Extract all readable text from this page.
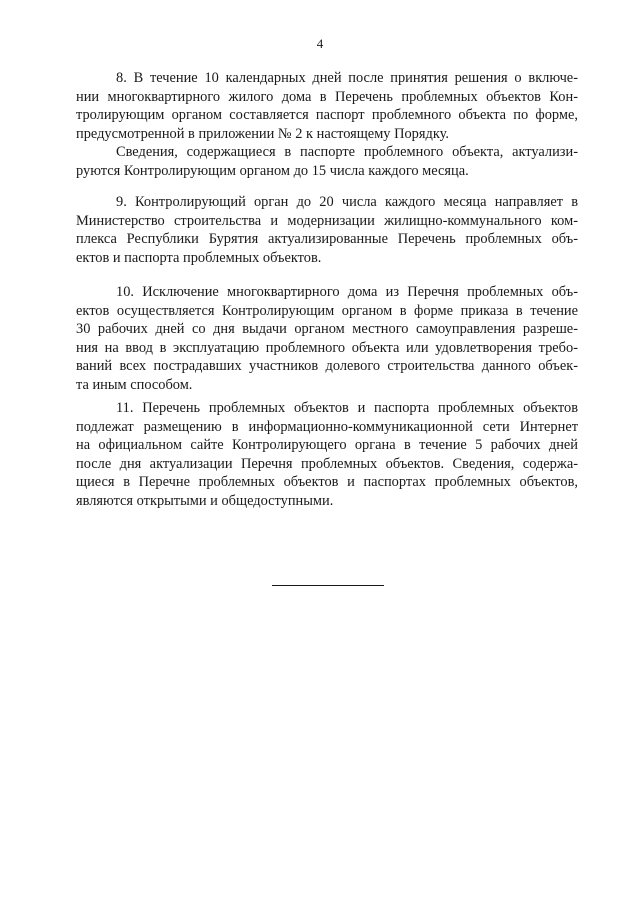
4
8. В течение 10 календарных дней после принятия решения о включе-
нии многоквартирного жилого дома в Перечень проблемных объектов Кон-
тролирующим органом составляется паспорт проблемного объекта по форме,
предусмотренной в приложении № 2 к настоящему Порядку.
Сведения, содержащиеся в паспорте проблемного объекта, актуализи-
руются Контролирующим органом до 15 числа каждого месяца.
9. Контролирующий орган до 20 числа каждого месяца направляет в
Министерство строительства и модернизации жилищно-коммунального ком-
плекса Республики Бурятия актуализированные Перечень проблемных объ-
ектов и паспорта проблемных объектов.
10. Исключение многоквартирного дома из Перечня проблемных объ-
ектов осуществляется Контролирующим органом в форме приказа в течение
30 рабочих дней со дня выдачи органом местного самоуправления разреше-
ния на ввод в эксплуатацию проблемного объекта или удовлетворения требо-
ваний всех пострадавших участников долевого строительства данного объек-
та иным способом.
11. Перечень проблемных объектов и паспорта проблемных объектов
подлежат размещению в информационно-коммуникационной сети Интернет
на официальном сайте Контролирующего органа в течение 5 рабочих дней
после дня актуализации Перечня проблемных объектов. Сведения, содержа-
щиеся в Перечне проблемных объектов и паспортах проблемных объектов,
являются открытыми и общедоступными.
